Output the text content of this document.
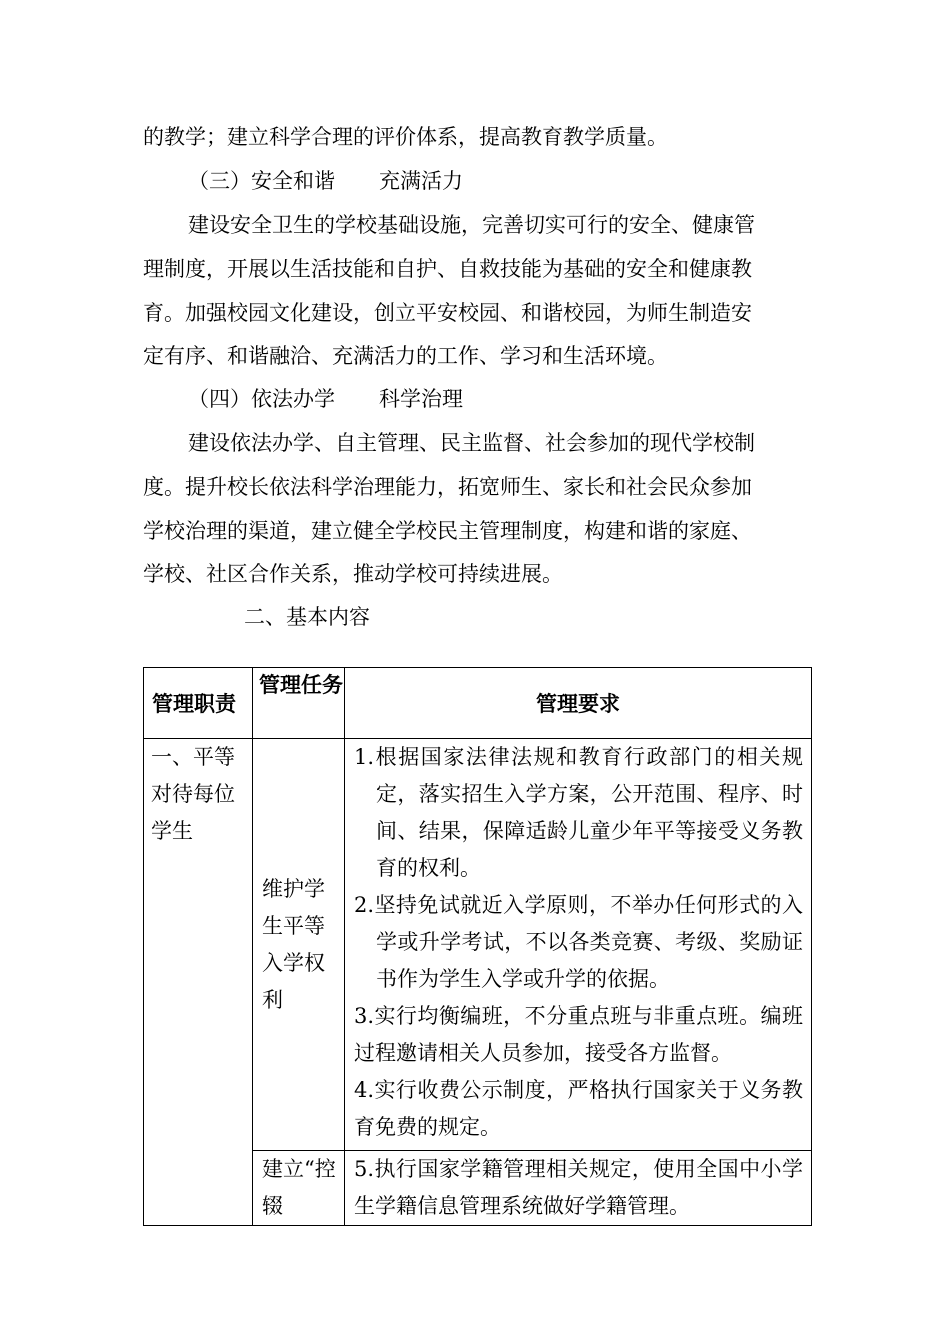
的教学；建立科学合理的评价体系，提高教育教学质量。
（三）安全和谐 充满活力
建设安全卫生的学校基础设施，完善切实可行的安全、健康管
理制度，开展以生活技能和自护、自救技能为基础的安全和健康教
育。加强校园文化建设，创立平安校园、和谐校园，为师生制造安
定有序、和谐融洽、充满活力的工作、学习和生活环境。
（四）依法办学 科学治理
建设依法办学、自主管理、民主监督、社会参加的现代学校制
度。提升校长依法科学治理能力，拓宽师生、家长和社会民众参加
学校治理的渠道，建立健全学校民主管理制度，构建和谐的家庭、
学校、社区合作关系，推动学校可持续进展。
二、基本内容
管理职责	管理任务	管理要求
一、平等对待每位学生	维护学生平等入学权利	1.根据国家法律法规和教育行政部门的相关规定，落实招生入学方案，公开范围、程序、时间、结果，保障适龄儿童少年平等接受义务教育的权利。
2.坚持免试就近入学原则，不举办任何形式的入学或升学考试，不以各类竞赛、考级、奖励证书作为学生入学或升学的依据。
3.实行均衡编班，不分重点班与非重点班。编班过程邀请相关人员参加，接受各方监督。
4.实行收费公示制度，严格执行国家关于义务教育免费的规定。

	建立“控辍	5.执行国家学籍管理相关规定，使用全国中小学生学籍信息管理系统做好学籍管理。
